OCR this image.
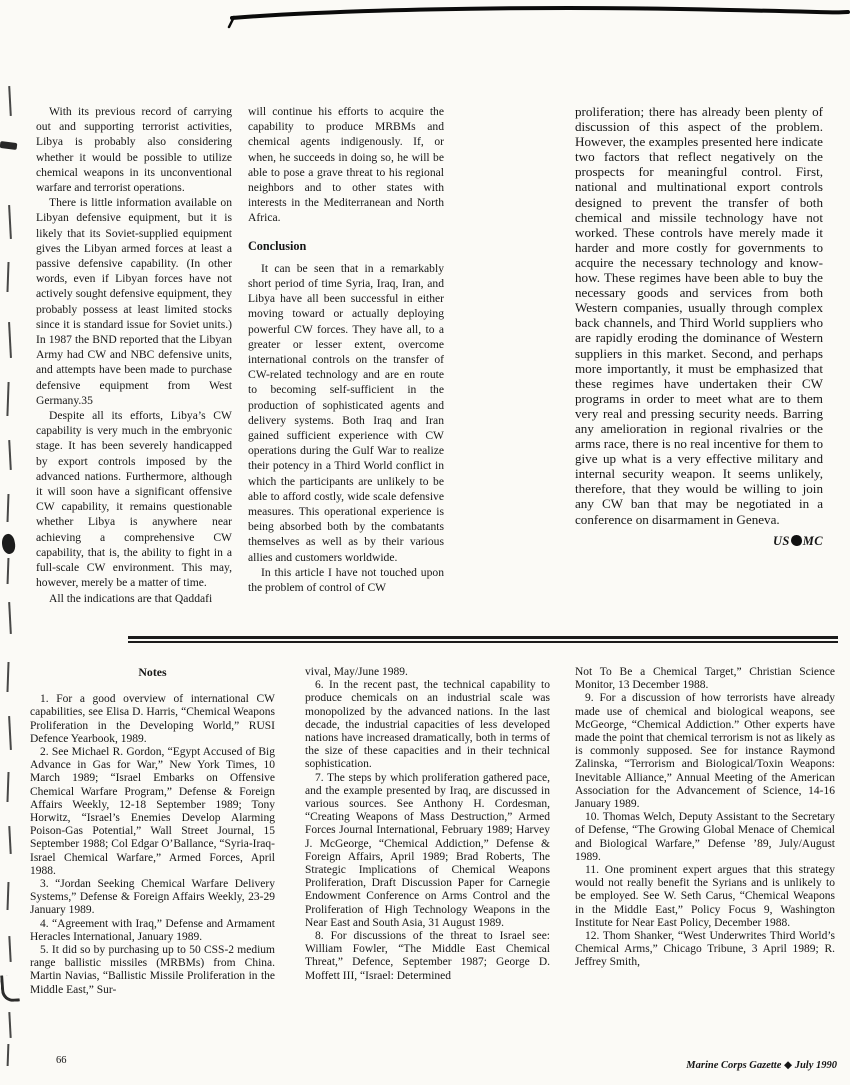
With its previous record of carrying out and supporting terrorist activities, Libya is probably also considering whether it would be possible to utilize chemical weapons in its unconventional warfare and terrorist operations.

There is little information available on Libyan defensive equipment, but it is likely that its Soviet-supplied equipment gives the Libyan armed forces at least a passive defensive capability. (In other words, even if Libyan forces have not actively sought defensive equipment, they probably possess at least limited stocks since it is standard issue for Soviet units.) In 1987 the BND reported that the Libyan Army had CW and NBC defensive units, and attempts have been made to purchase defensive equipment from West Germany.35

Despite all its efforts, Libya’s CW capability is very much in the embryonic stage. It has been severely handicapped by export controls imposed by the advanced nations. Furthermore, although it will soon have a significant offensive CW capability, it remains questionable whether Libya is anywhere near achieving a comprehensive CW capability, that is, the ability to fight in a full-scale CW environment. This may, however, merely be a matter of time.

All the indications are that Qaddafi

will continue his efforts to acquire the capability to produce MRBMs and chemical agents indigenously. If, or when, he succeeds in doing so, he will be able to pose a grave threat to his regional neighbors and to other states with interests in the Mediterranean and North Africa.

Conclusion

It can be seen that in a remarkably short period of time Syria, Iraq, Iran, and Libya have all been successful in either moving toward or actually deploying powerful CW forces. They have all, to a greater or lesser extent, overcome international controls on the transfer of CW-related technology and are en route to becoming self-sufficient in the production of sophisticated agents and delivery systems. Both Iraq and Iran gained sufficient experience with CW operations during the Gulf War to realize their potency in a Third World conflict in which the participants are unlikely to be able to afford costly, wide scale defensive measures. This operational experience is being absorbed both by the combatants themselves as well as by their various allies and customers worldwide.

In this article I have not touched upon the problem of control of CW

proliferation; there has already been plenty of discussion of this aspect of the problem. However, the examples presented here indicate two factors that reflect negatively on the prospects for meaningful control. First, national and multinational export controls designed to prevent the transfer of both chemical and missile technology have not worked. These controls have merely made it harder and more costly for governments to acquire the necessary technology and know-how. These regimes have been able to buy the necessary goods and services from both Western companies, usually through complex back channels, and Third World suppliers who are rapidly eroding the dominance of Western suppliers in this market. Second, and perhaps more importantly, it must be emphasized that these regimes have undertaken their CW programs in order to meet what are to them very real and pressing security needs. Barring any amelioration in regional rivalries or the arms race, there is no real incentive for them to give up what is a very effective military and internal security weapon. It seems unlikely, therefore, that they would be willing to join any CW ban that may be negotiated in a conference on disarmament in Geneva.

US MC
Notes

1. For a good overview of international CW capabilities, see Elisa D. Harris, “Chemical Weapons Proliferation in the Developing World,” RUSI Defence Yearbook, 1989.

2. See Michael R. Gordon, “Egypt Accused of Big Advance in Gas for War,” New York Times, 10 March 1989; “Israel Embarks on Offensive Chemical Warfare Program,” Defense & Foreign Affairs Weekly, 12-18 September 1989; Tony Horwitz, “Israel’s Enemies Develop Alarming Poison-Gas Potential,” Wall Street Journal, 15 September 1988; Col Edgar O’Ballance, “Syria-Iraq-Israel Chemical Warfare,” Armed Forces, April 1988.

3. “Jordan Seeking Chemical Warfare Delivery Systems,” Defense & Foreign Affairs Weekly, 23-29 January 1989.

4. “Agreement with Iraq,” Defense and Armament Heracles International, January 1989.

5. It did so by purchasing up to 50 CSS-2 medium range ballistic missiles (MRBMs) from China. Martin Navias, “Ballistic Missile Proliferation in the Middle East,” Sur-

vival, May/June 1989.

6. In the recent past, the technical capability to produce chemicals on an industrial scale was monopolized by the advanced nations. In the last decade, the industrial capacities of less developed nations have increased dramatically, both in terms of the size of these capacities and in their technical sophistication.

7. The steps by which proliferation gathered pace, and the example presented by Iraq, are discussed in various sources. See Anthony H. Cordesman, “Creating Weapons of Mass Destruction,” Armed Forces Journal International, February 1989; Harvey J. McGeorge, “Chemical Addiction,” Defense & Foreign Affairs, April 1989; Brad Roberts, The Strategic Implications of Chemical Weapons Proliferation, Draft Discussion Paper for Carnegie Endowment Conference on Arms Control and the Proliferation of High Technology Weapons in the Near East and South Asia, 31 August 1989.

8. For discussions of the threat to Israel see: William Fowler, “The Middle East Chemical Threat,” Defence, September 1987; George D. Moffett III, “Israel: Determined

Not To Be a Chemical Target,” Christian Science Monitor, 13 December 1988.

9. For a discussion of how terrorists have already made use of chemical and biological weapons, see McGeorge, “Chemical Addiction.” Other experts have made the point that chemical terrorism is not as likely as is commonly supposed. See for instance Raymond Zalinska, “Terrorism and Biological/Toxin Weapons: Inevitable Alliance,” Annual Meeting of the American Association for the Advancement of Science, 14-16 January 1989.

10. Thomas Welch, Deputy Assistant to the Secretary of Defense, “The Growing Global Menace of Chemical and Biological Warfare,” Defense ’89, July/August 1989.

11. One prominent expert argues that this strategy would not really benefit the Syrians and is unlikely to be employed. See W. Seth Carus, “Chemical Weapons in the Middle East,” Policy Focus 9, Washington Institute for Near East Policy, December 1988.

12. Thom Shanker, “West Underwrites Third World’s Chemical Arms,” Chicago Tribune, 3 April 1989; R. Jeffrey Smith,

66	Marine Corps Gazette ◆ July 1990
